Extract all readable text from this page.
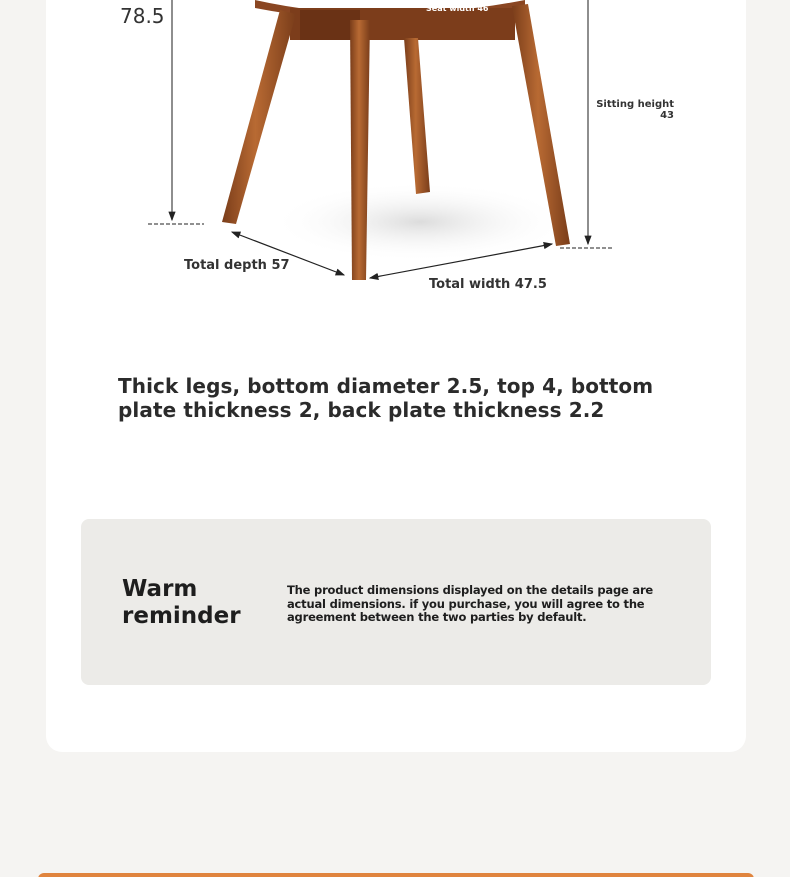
78.5	Seat width 46
Sitting height
43
Total depth 57
Total width 47.5
Thick legs, bottom diameter 2.5, top 4, bottom plate thickness 2, back plate thickness 2.2
Warm reminder
The product dimensions displayed on the details page are actual dimensions. if you purchase, you will agree to the agreement between the two parties by default.
